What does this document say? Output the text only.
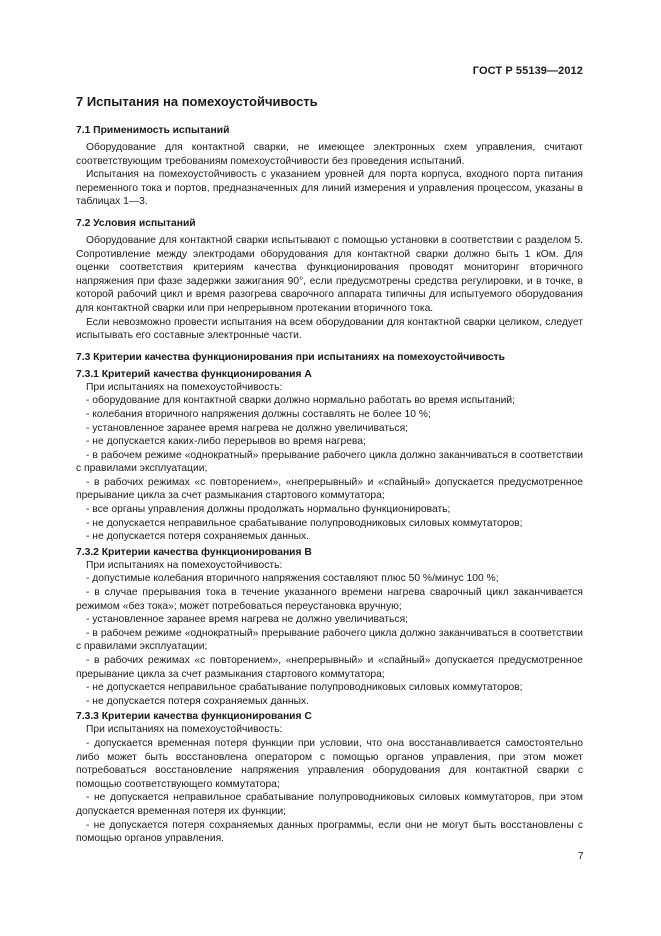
ГОСТ Р 55139—2012
7 Испытания на помехоустойчивость
7.1 Применимость испытаний

Оборудование для контактной сварки, не имеющее электронных схем управления, считают соответствующим требованиям помехоустойчивости без проведения испытаний.

Испытания на помехоустойчивость с указанием уровней для порта корпуса, входного порта питания переменного тока и портов, предназначенных для линий измерения и управления процессом, указаны в таблицах 1—3.

7.2 Условия испытаний

Оборудование для контактной сварки испытывают с помощью установки в соответствии с разделом 5. Сопротивление между электродами оборудования для контактной сварки должно быть 1 кОм. Для оценки соответствия критериям качества функционирования проводят мониторинг вторичного напряжения при фазе задержки зажигания 90°, если предусмотрены средства регулировки, и в точке, в которой рабочий цикл и время разогрева сварочного аппарата типичны для испытуемого оборудования для контактной сварки или при непрерывном протекании вторичного тока.

Если невозможно провести испытания на всем оборудовании для контактной сварки целиком, следует испытывать его составные электронные части.

7.3 Критерии качества функционирования при испытаниях на помехоустойчивость
7.3.1 Критерий качества функционирования А

При испытаниях на помехоустойчивость:

- оборудование для контактной сварки должно нормально работать во время испытаний;

- колебания вторичного напряжения должны составлять не более 10 %;

- установленное заранее время нагрева не должно увеличиваться;

- не допускается каких-либо перерывов во время нагрева;

- в рабочем режиме «однократный» прерывание рабочего цикла должно заканчиваться в соответствии с правилами эксплуатации;

- в рабочих режимах «с повторением», «непрерывный» и «спайный» допускается предусмотренное прерывание цикла за счет размыкания стартового коммутатора;

- все органы управления должны продолжать нормально функционировать;

- не допускается неправильное срабатывание полупроводниковых силовых коммутаторов;

- не допускается потеря сохраняемых данных.

7.3.2 Критерии качества функционирования В

При испытаниях на помехоустойчивость:

- допустимые колебания вторичного напряжения составляют плюс 50 %/минус 100 %;

- в случае прерывания тока в течение указанного времени нагрева сварочный цикл заканчивается режимом «без тока»; может потребоваться переустановка вручную;

- установленное заранее время нагрева не должно увеличиваться;

- в рабочем режиме «однократный» прерывание рабочего цикла должно заканчиваться в соответствии с правилами эксплуатации;

- в рабочих режимах «с повторением», «непрерывный» и «спайный» допускается предусмотренное прерывание цикла за счет размыкания стартового коммутатора;

- не допускается неправильное срабатывание полупроводниковых силовых коммутаторов;

- не допускается потеря сохраняемых данных.

7.3.3 Критерии качества функционирования С

При испытаниях на помехоустойчивость:

- допускается временная потеря функции при условии, что она восстанавливается самостоятельно либо может быть восстановлена оператором с помощью органов управления, при этом может потребоваться восстановление напряжения управления оборудования для контактной сварки с помощью соответствующего коммутатора;

- не допускается неправильное срабатывание полупроводниковых силовых коммутаторов, при этом допускается временная потеря их функции;

- не допускается потеря сохраняемых данных программы, если они не могут быть восстановлены с помощью органов управления.

7
